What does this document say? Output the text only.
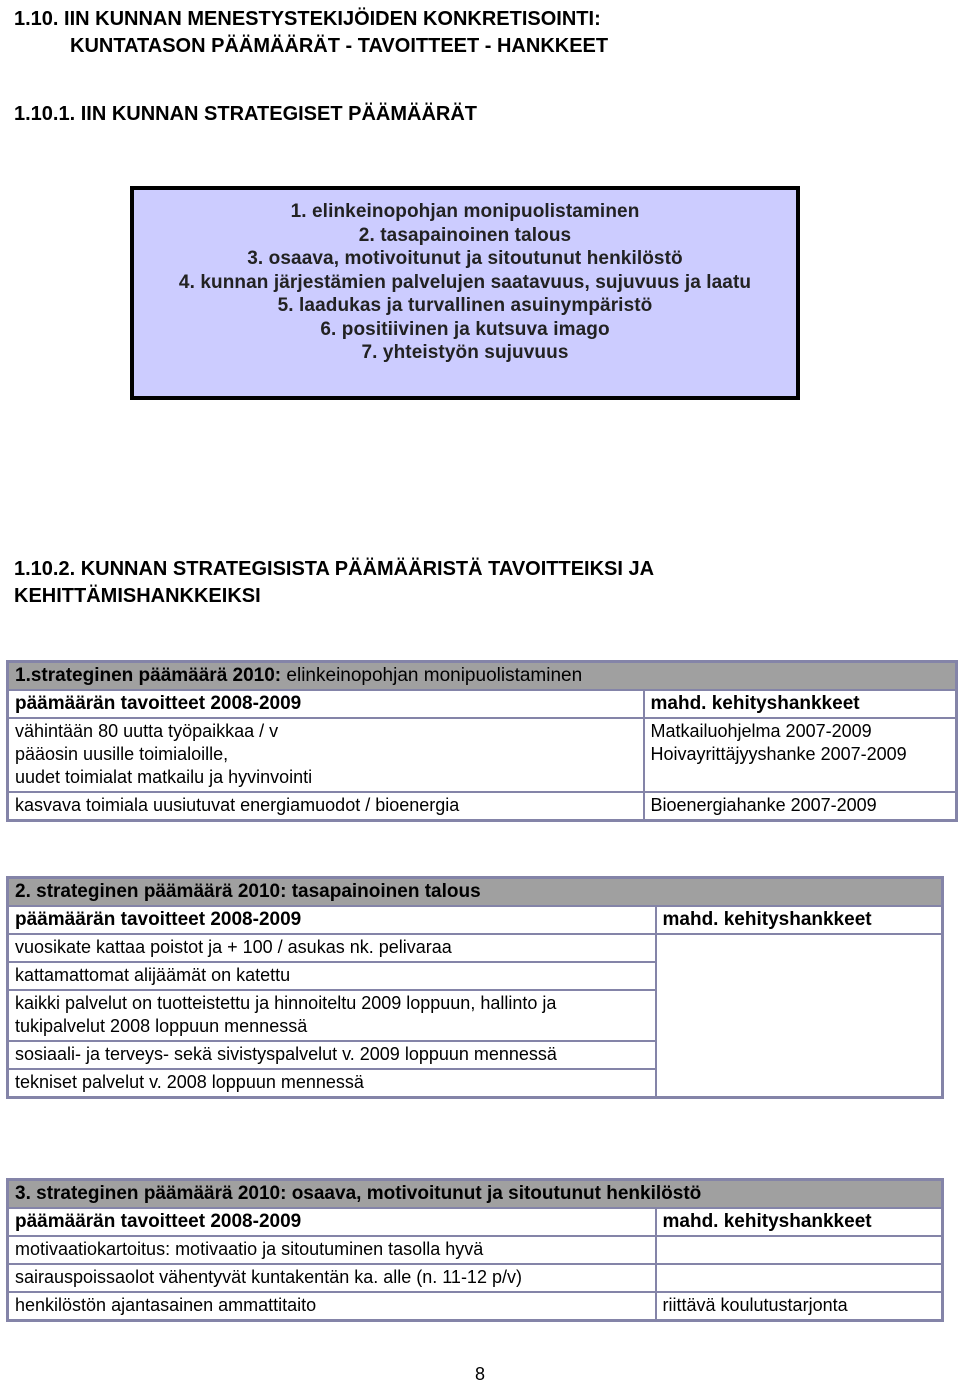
1.10. IIN KUNNAN MENESTYSTEKIJÖIDEN KONKRETISOINTI:
KUNTATASON PÄÄMÄÄRÄT - TAVOITTEET - HANKKEET
1.10.1. IIN KUNNAN STRATEGISET PÄÄMÄÄRÄT
1. elinkeinopohjan monipuolistaminen
2. tasapainoinen talous
3. osaava, motivoitunut ja sitoutunut henkilöstö
4. kunnan järjestämien palvelujen saatavuus, sujuvuus ja laatu
5. laadukas ja turvallinen asuinympäristö
6. positiivinen ja kutsuva imago
7. yhteistyön sujuvuus
1.10.2. KUNNAN STRATEGISISTA PÄÄMÄÄRISTÄ TAVOITTEIKSI JA
KEHITTÄMISHANKKEIKSI
1.strateginen päämäärä 2010: elinkeinopohjan monipuolistaminen	
päämäärän tavoitteet 2008-2009	mahd. kehityshankkeet

vähintään 80 uutta työpaikkaa / v
pääosin uusille toimialoille,
uudet toimialat matkailu ja hyvinvointi	Matkailuohjelma 2007-2009
Hoivayrittäjyyshanke 2007-2009

kasvava toimiala uusiutuvat energiamuodot / bioenergia	Bioenergiahanke 2007-2009
2. strateginen päämäärä 2010: tasapainoinen talous	
päämäärän tavoitteet 2008-2009	mahd. kehityshankkeet
vuosikate kattaa poistot ja + 100 / asukas nk. pelivaraa	
kattamattomat alijäämät on katettu	
kaikki palvelut on tuotteistettu ja hinnoiteltu 2009 loppuun, hallinto ja tukipalvelut 2008 loppuun mennessä	
sosiaali- ja terveys- sekä sivistyspalvelut v. 2009 loppuun mennessä	
tekniset palvelut v. 2008 loppuun mennessä	
3. strateginen päämäärä 2010: osaava, motivoitunut ja sitoutunut henkilöstö	
päämäärän tavoitteet 2008-2009	mahd. kehityshankkeet
motivaatiokartoitus: motivaatio ja sitoutuminen tasolla hyvä	
sairauspoissaolot vähentyvät kuntakentän ka. alle (n. 11-12 p/v)	
henkilöstön ajantasainen ammattitaito	riittävä koulutustarjonta
8
